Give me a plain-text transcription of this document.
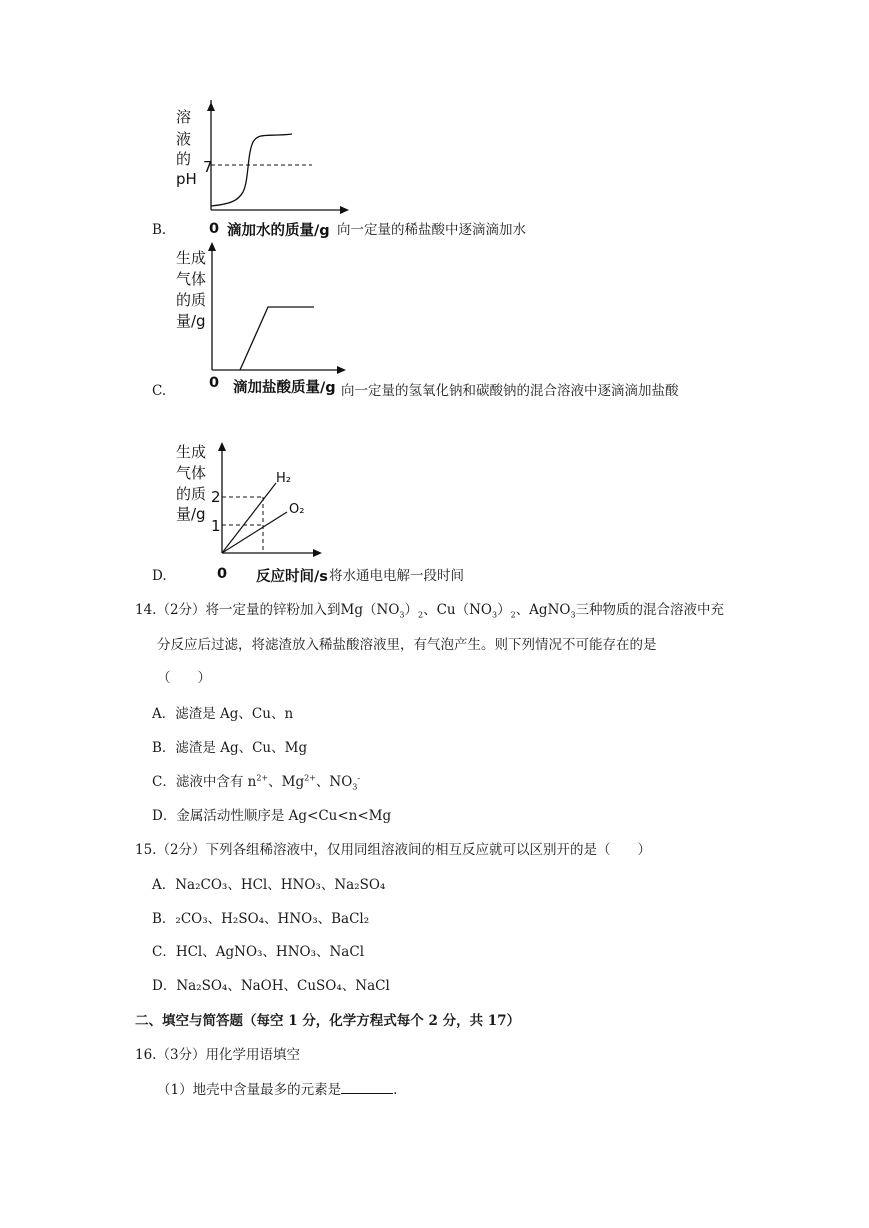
B.
溶
液
的
pH
7
0 滴加水的质量/g 向一定量的稀盐酸中逐滴滴加水
C.
生成
气体
的质
量/g
0 滴加盐酸质量/g 向一定量的氢氧化钠和碳酸钠的混合溶液中逐滴滴加盐酸
D.
生成
气体
的质
量/g
2
1
H₂
O₂
0 反应时间/s 将水通电电解一段时间
14.（2分）将一定量的锌粉加入到$Mg(NO_3)_2$、$Cu(NO_3)_2$、AgNO$_3$三种物质的混合溶液中充
分反应后过滤，将滤渣放入稀盐酸溶液里，有气泡产生。则下列情况不可能存在的是
（　　）
A．滤渣是 Ag、Cu、n
B．滤渣是 Ag、Cu、Mg
C．滤液中含有 $n^{2+}$、$Mg^{2+}$、$NO_3^-$
D．金属活动性顺序是 Ag<Cu<n<Mg
15.（2分）下列各组稀溶液中，仅用同组溶液间的相互反应就可以区别开的是（　　）
A．Na₂CO₃、HCl、HNO₃、Na₂SO₄
B．₂CO₃、H₂SO₄、HNO₃、BaCl₂
C．HCl、AgNO₃、HNO₃、NaCl
D．Na₂SO₄、NaOH、CuSO₄、NaCl
二、填空与简答题（每空 1 分，化学方程式每个 2 分，共 17）
16.（3分）用化学用语填空
（1）地壳中含量最多的元素是	.
